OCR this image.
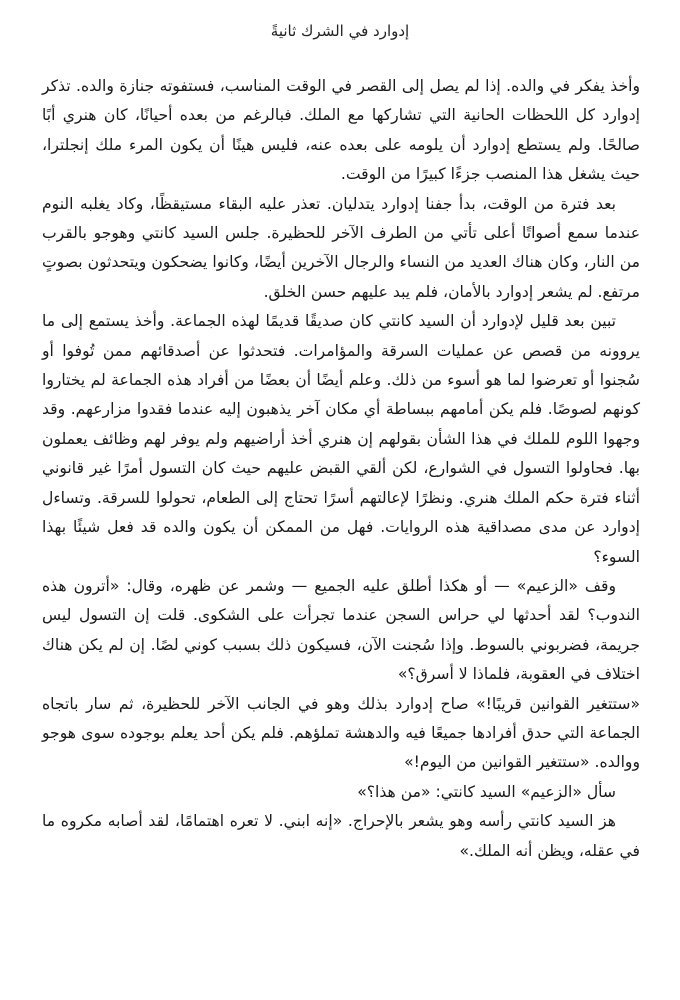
إدوارد في الشرك ثانيةً

وأخذ يفكر في والده. إذا لم يصل إلى القصر في الوقت المناسب، فستفوته جنازة والده. تذكر إدوارد كل اللحظات الحانية التي تشاركها مع الملك. فبالرغم من بعده أحيانًا، كان هنري أبًا صالحًا. ولم يستطع إدوارد أن يلومه على بعده عنه، فليس هينًا أن يكون المرء ملك إنجلترا، حيث يشغل هذا المنصب جزءًا كبيرًا من الوقت.

بعد فترة من الوقت، بدأ جفنا إدوارد يتدليان. تعذر عليه البقاء مستيقظًا، وكاد يغلبه النوم عندما سمع أصواتًا أعلى تأتي من الطرف الآخر للحظيرة. جلس السيد كانتي وهوجو بالقرب من النار، وكان هناك العديد من النساء والرجال الآخرين أيضًا، وكانوا يضحكون ويتحدثون بصوتٍ مرتفع. لم يشعر إدوارد بالأمان، فلم يبد عليهم حسن الخلق.

تبين بعد قليل لإدوارد أن السيد كانتي كان صديقًا قديمًا لهذه الجماعة. وأخذ يستمع إلى ما يروونه من قصص عن عمليات السرقة والمؤامرات. فتحدثوا عن أصدقائهم ممن تُوفوا أو سُجنوا أو تعرضوا لما هو أسوء من ذلك. وعلم أيضًا أن بعضًا من أفراد هذه الجماعة لم يختاروا كونهم لصوصًا. فلم يكن أمامهم ببساطة أي مكان آخر يذهبون إليه عندما فقدوا مزارعهم. وقد وجهوا اللوم للملك في هذا الشأن بقولهم إن هنري أخذ أراضيهم ولم يوفر لهم وظائف يعملون بها. فحاولوا التسول في الشوارع، لكن ألقي القبض عليهم حيث كان التسول أمرًا غير قانوني أثناء فترة حكم الملك هنري. ونظرًا لإعالتهم أسرًا تحتاج إلى الطعام، تحولوا للسرقة. وتساءل إدوارد عن مدى مصداقية هذه الروايات. فهل من الممكن أن يكون والده قد فعل شيئًا بهذا السوء؟

وقف «الزعيم» — أو هكذا أطلق عليه الجميع — وشمر عن ظهره، وقال: «أترون هذه الندوب؟ لقد أحدثها لي حراس السجن عندما تجرأت على الشكوى. قلت إن التسول ليس جريمة، فضربوني بالسوط. وإذا سُجنت الآن، فسيكون ذلك بسبب كوني لصًا. إن لم يكن هناك اختلاف في العقوبة، فلماذا لا أسرق؟»

«ستتغير القوانين قريبًا!» صاح إدوارد بذلك وهو في الجانب الآخر للحظيرة، ثم سار باتجاه الجماعة التي حدق أفرادها جميعًا فيه والدهشة تملؤهم. فلم يكن أحد يعلم بوجوده سوى هوجو ووالده. «ستتغير القوانين من اليوم!»

سأل «الزعيم» السيد كانتي: «من هذا؟»

هز السيد كانتي رأسه وهو يشعر بالإحراج. «إنه ابني. لا تعره اهتمامًا، لقد أصابه مكروه ما في عقله، ويظن أنه الملك.»
